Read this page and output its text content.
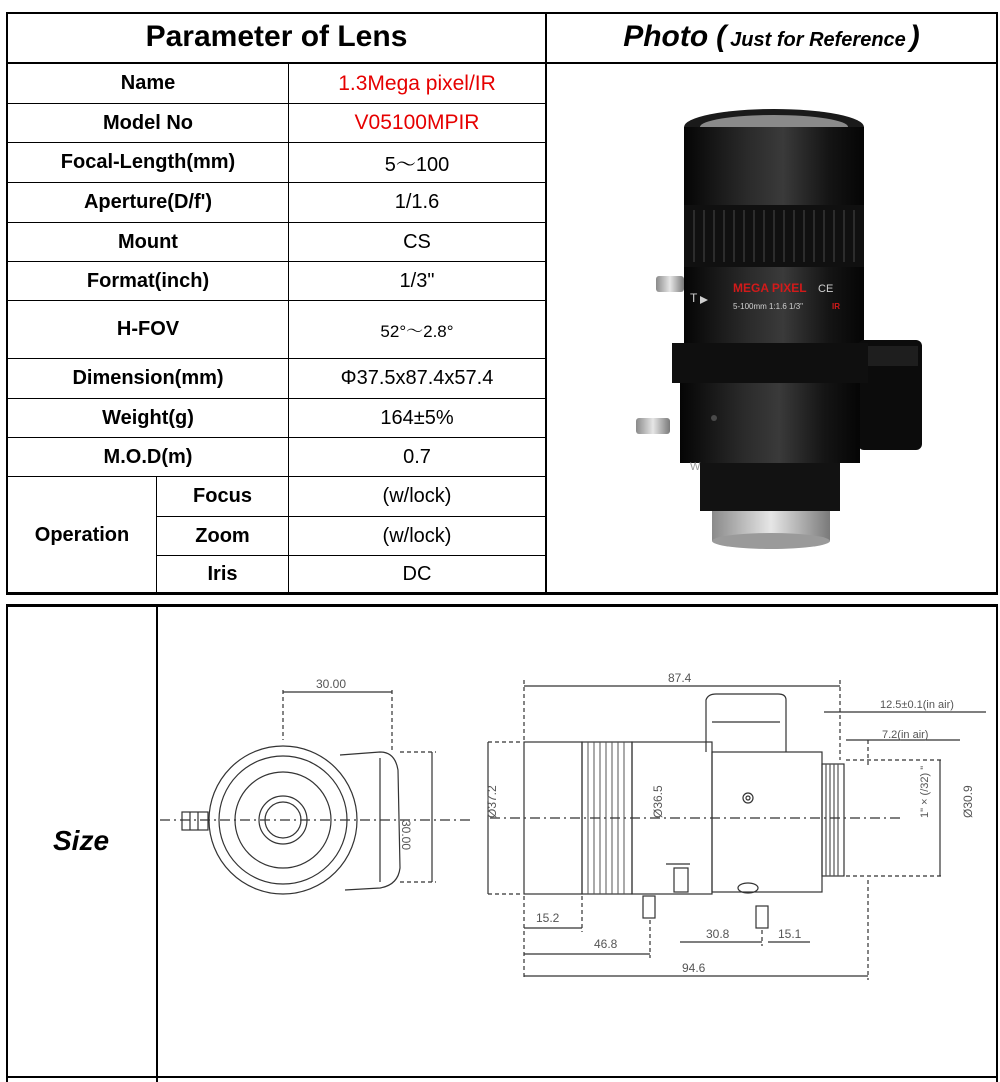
Parameter of Lens	Photo ( Just for Reference )
Name	1.3Mega pixel/IR
Model No	V05100MPIR
Focal-Length(mm)	5～100
Aperture(D/f')	1/1.6
Mount	CS
Format(inch)	1/3"
H-FOV	52°～2.8°
Dimension(mm)	Φ37.5x87.4x57.4
Weight(g)	164±5%
M.O.D(m)	0.7
Operation
Focus	(w/lock)
Zoom	(w/lock)
Iris	DC
MEGA PIXEL CE
5-100mm 1:1.6 1/3"	IR
T
W
Size
30.00
30.00
87.4
12.5±0.1(in air)
7.2(in air)
Ø37.2	Ø36.5	1" × (/32) "	Ø30.9
15.2
46.8
30.8	15.1
94.6
